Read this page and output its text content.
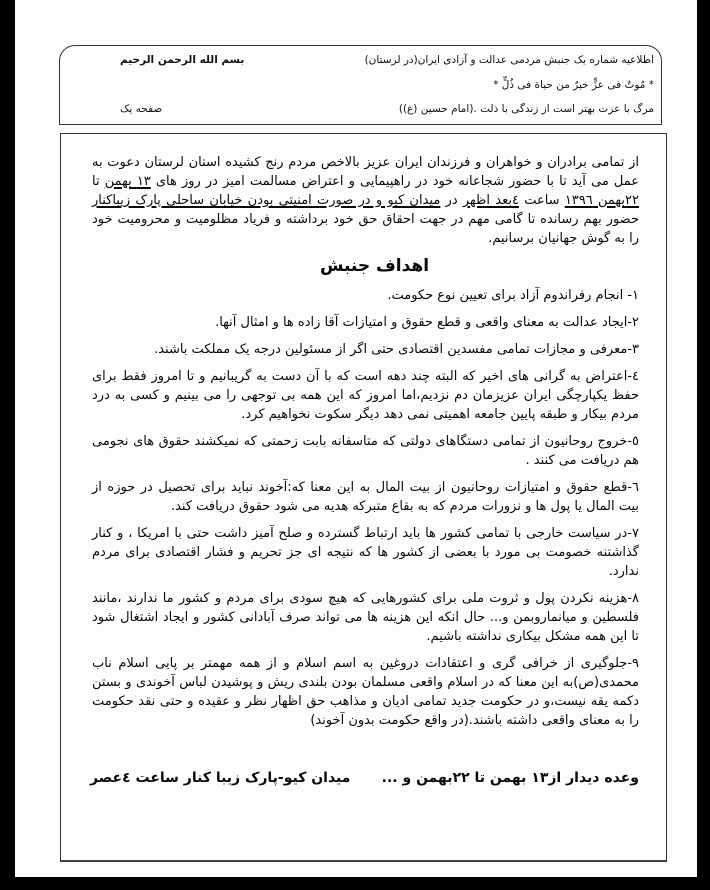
اطلاعیه شماره یک جنبش مردمی عدالت و آزادی ایران(در لرستان)
* مُوتٌ فی عزٍّ خیرٌ من حیاة فی ذُلٍّ *
مرگ با عزت بهتر است از زندگی با ذلت .(امام حسین (ع))
بسم الله الرحمن الرحیم
صفحه یک

از تمامی برادران و خواهران و فرزندان ایران عزیز بالاخص مردم رنج کشیده استان لرستان دعوت به عمل می آید تا با حضور شجاعانه خود در راهپیمایی و اعتراض مسالمت امیز در روز های ۱۳ بهمن تا ۲۲بهمن ۱۳۹٦ ساعت ٤بعد اظهر در میدان کیو و در صورت امنیتی بودن خیابان ساحلی پارک زیباکنار حضور بهم رسانده تا گامی مهم در جهت احقاق حق خود برداشته و فریاد مظلومیت و محرومیت خود را به گوش جهانیان برسانیم.

اهداف جنبش

۱- انجام رفراندوم آزاد برای تعیین نوع حکومت.

۲-ایجاد عدالت به معنای واقعی و قطع حقوق و امتیازات آقا زاده ها و امثال آنها.

۳-معرفی و مجازات تمامی مفسدین اقتصادی حتی اگر از مسئولین درجه یک مملکت باشند.

٤-اعتراض به گرانی های اخیر که البته چند دهه است که با آن دست به گریبانیم و تا امروز فقط برای حفظ یکپارچگی ایران عزیزمان دم نزدیم،اما امروز که این همه بی توجهی را می بینیم و کسی به درد مردم بیکار و طبقه پایین جامعه اهمیتی نمی دهد دیگر سکوت نخواهیم کرد.

٥-خروج روحانیون از تمامی دستگاهای دولتی که متاسفانه بابت زحمتی که نمیکشند حقوق های نجومی هم دریافت می کنند .

٦-قطع حقوق و امتیازات روحانیون از بیت المال به این معنا که:آخوند نباید برای تحصیل در حوزه از بیت المال یا پول ها و نزورات مردم که به بقاع متبرکه هدیه می شود حقوق دریافت کند.

۷-در سیاست خارجی با تمامی کشور ها باید ارتباط گسترده و صلح آمیز داشت حتی با امریکا ، و کنار گذاشتنه خصومت بی مورد با بعضی از کشور ها که نتیجه ای جز تحریم و فشار اقتصادی برای مردم ندارد.

۸-هزینه نکردن پول و ثروت ملی برای کشورهایی که هیچ سودی برای مردم و کشور ما ندارند ،مانند فلسطین و میانماروبمن و... حال انکه این هزینه ها می تواند صرف آبادانی کشور و ایجاد اشتغال شود تا این همه مشکل بیکاری نداشته باشیم.

۹-جلوگیری از خرافی گری و اعتقادات دروغین به اسم اسلام و از همه مهمتر بر پایی اسلام ناب محمدی(ص)به این معنا که در اسلام واقعی مسلمان بودن بلندی ریش و پوشیدن لباس آخوندی و بستن دکمه یقه نیست،و در حکومت جدید تمامی ادیان و مذاهب حق اظهار نظر و عقیده و حتی نقد حکومت را به معنای واقعی داشته باشند.(در واقع حکومت بدون آخوند)

وعده دیدار از۱۳ بهمن تا ۲۲بهمن و ...
میدان کیو-پارک زیبا کنار ساعت ٤عصر
